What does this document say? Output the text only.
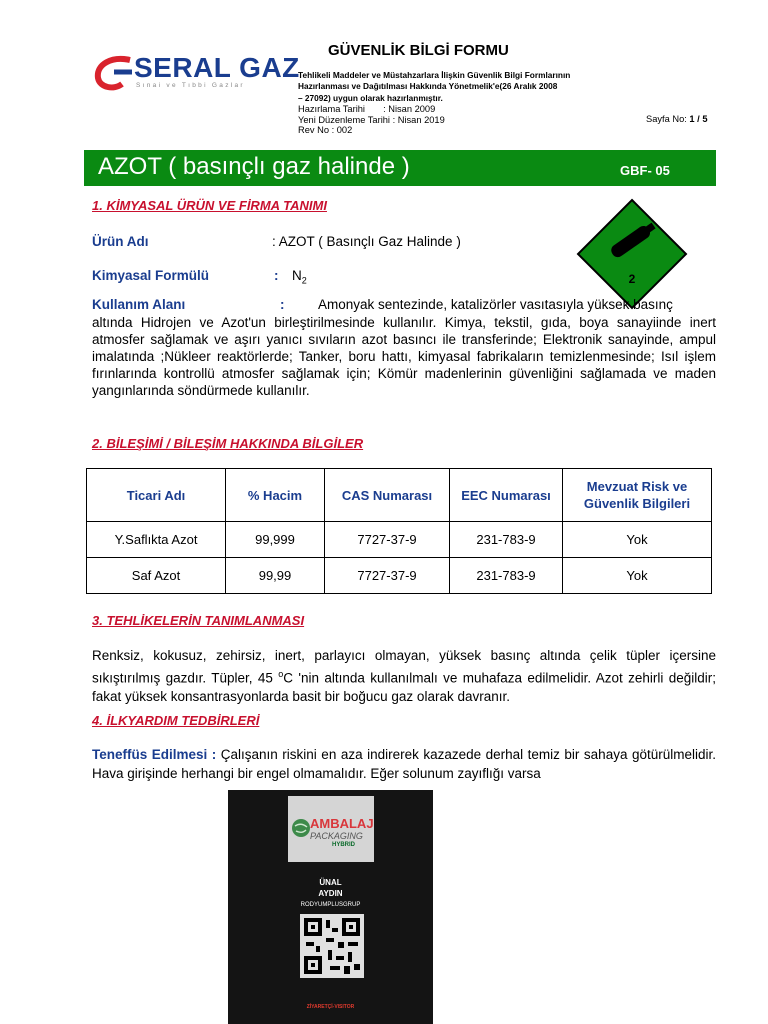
SERAL GAZ
Sınai ve Tıbbi Gazlar
GÜVENLİK BİLGİ FORMU
Tehlikeli Maddeler ve Müstahzarlara İlişkin Güvenlik Bilgi Formlarının
Hazırlanması ve Dağıtılması Hakkında Yönetmelik'e(26 Aralık 2008
– 27092) uygun olarak hazırlanmıştır.
Hazırlama Tarihi       : Nisan 2009
Yeni Düzenleme Tarihi : Nisan 2019
Rev No : 002
Sayfa No: 1 / 5
AZOT ( basınçlı gaz halinde )	GBF- 05
1. KİMYASAL ÜRÜN VE FİRMA TANIMI
Ürün Adı	: AZOT ( Basınçlı Gaz Halinde )
Kimyasal Formülü	: $N_2$	2
Kullanım Alanı	: Amonyak sentezinde, katalizörler vasıtasıyla yüksek basınç
altında Hidrojen ve Azot'un birleştirilmesinde kullanılır. Kimya, tekstil, gıda, boya sanayiinde inert atmosfer sağlamak ve aşırı yanıcı sıvıların azot basıncı ile transferinde; Elektronik sanayinde, ampul imalatında ;Nükleer reaktörlerde; Tanker, boru hattı, kimyasal fabrikaların temizlenmesinde; Isıl işlem fırınlarında kontrollü atmosfer sağlamak için; Kömür madenlerinin güvenliğini sağlamada ve maden yangınlarında söndürmede kullanılır.
2. BİLEŞİMİ / BİLEŞİM HAKKINDA BİLGİLER
Ticari Adı	% Hacim	CAS Numarası	EEC Numarası	Mevzuat Risk ve Güvenlik Bilgileri
Y.Saflıkta Azot	99,999	7727-37-9	231-783-9	Yok
Saf Azot	99,99	7727-37-9	231-783-9	Yok
3. TEHLİKELERİN TANIMLANMASI
Renksiz, kokusuz, zehirsiz, inert, parlayıcı olmayan, yüksek basınç altında çelik tüpler içersine sıkıştırılmış gazdır. Tüpler, 45 $^o$C 'nin altında kullanılmalı ve muhafaza edilmelidir. Azot zehirli değildir; fakat yüksek konsantrasyonlarda basit bir boğucu gaz olarak davranır.
4. İLKYARDIM TEDBİRLERİ
Teneffüs Edilmesi : Çalışanın riskini en aza indirerek kazazede derhal temiz bir sahaya götürülmelidir. Hava girişinde herhangi bir engel olmamalıdır. Eğer solunum zayıflığı varsa
AMBALAJ
PACKAGING
HYBRID
ÜNAL
AYDIN
RODYUMPLUSGRUP
ZİYARETÇİ-VISITOR
